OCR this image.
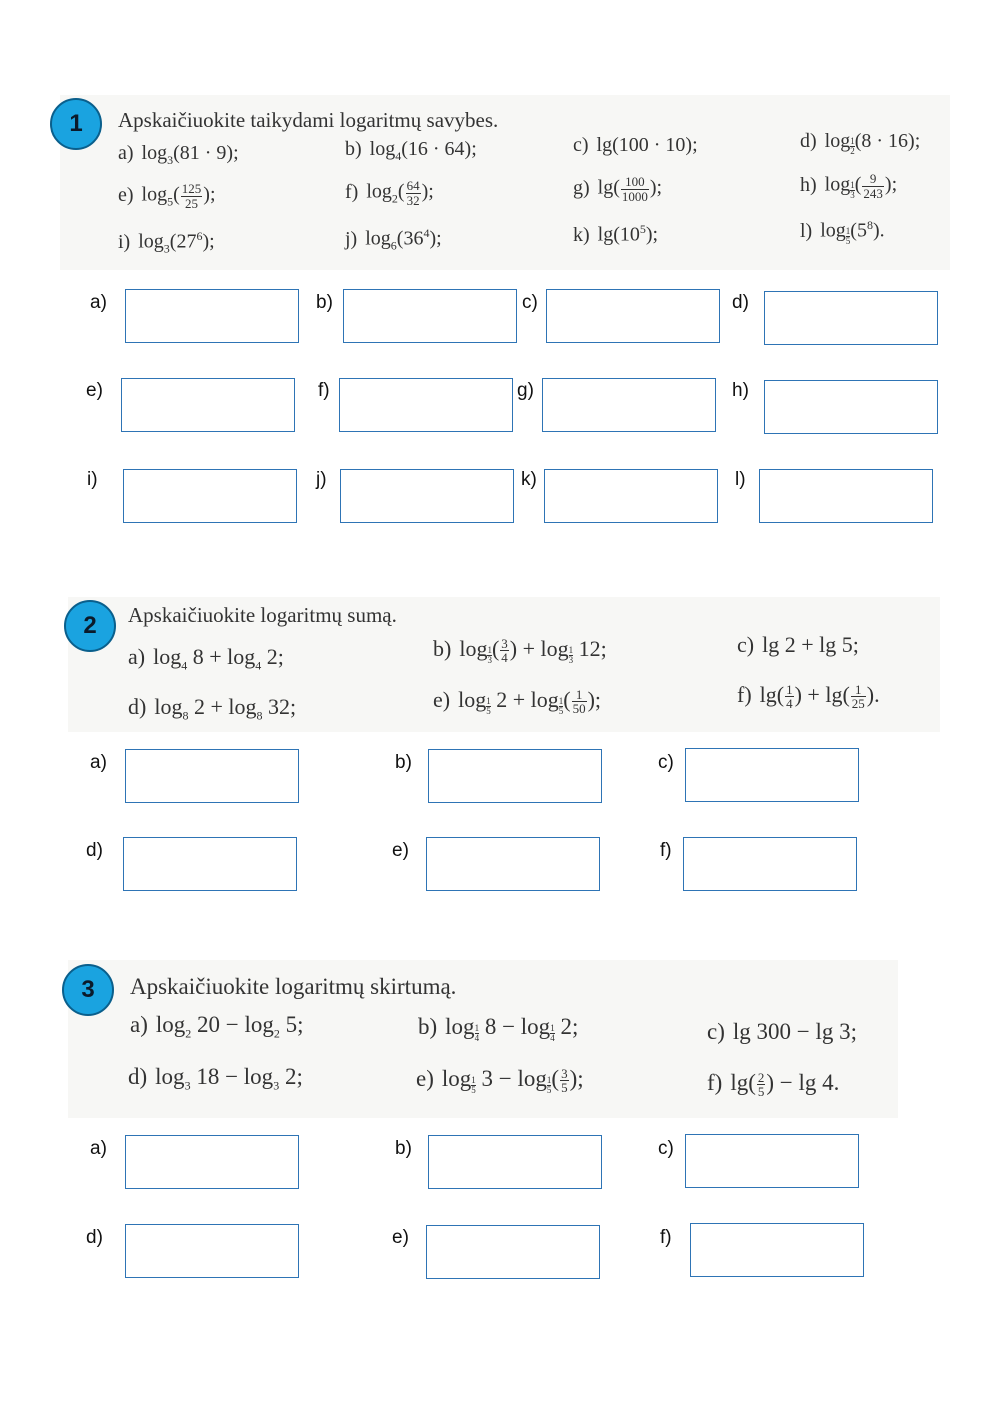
1	Apskaičiuokite taikydami logaritmų savybes.
a) $\log_3(81 \cdot 9)$;	b) $\log_4(16 \cdot 64)$;	c) lg(100 · 10);	d) $\log \frac{1}{2} (8 \cdot 16)$;
e) $\log_5( \frac{125}{25}$ );	f) $\log_2( \frac{64}{32}$ );	g) $\lg( \frac{100}{1000}$ );	h) $\log \frac{1}{3}$ ( $\frac{9}{243}$ );
i) $\log_3(27^6)$;	j) $\log_6(36^4)$;	k) $\lg(10^5)$;	l) $\log \frac{1}{5} (5^8)$.
a)	b)	c)	d)
e)	f)	g)	h)
i)	j)	k)	l)
2	Apskaičiuokite logaritmų sumą.
a) $\log_4 8 + \log_4 2$;	b) $\log \frac{1}{3}$ ( $\frac{3}{4}$ ) + $\log \frac{1}{3} 12$;	c) lg 2 + lg 5;
d) $\log_8 2 + \log_8 32$;	e) $\log \frac{1}{5} 2 + \log \frac{1}{5}$ ( $\frac{1}{50}$ );	f) $\lg( \frac{1}{4}$ ) + $\lg( \frac{1}{25}$ ).
a)	b)	c)
d)	e)	f)
3	Apskaičiuokite logaritmų skirtumą.
a) $\log_2 20 - \log_2 5$;	b) $\log \frac{1}{4} 8 - \log \frac{1}{4} 2$;	c) lg 300 − lg 3;
d) $\log_3 18 - \log_3 2$;	e) $\log \frac{1}{5} 3 - \log \frac{1}{5}$ ( $\frac{3}{5}$ );	f) $\lg( \frac{2}{5}$ ) − lg 4.
a)	b)	c)
d)	e)	f)
